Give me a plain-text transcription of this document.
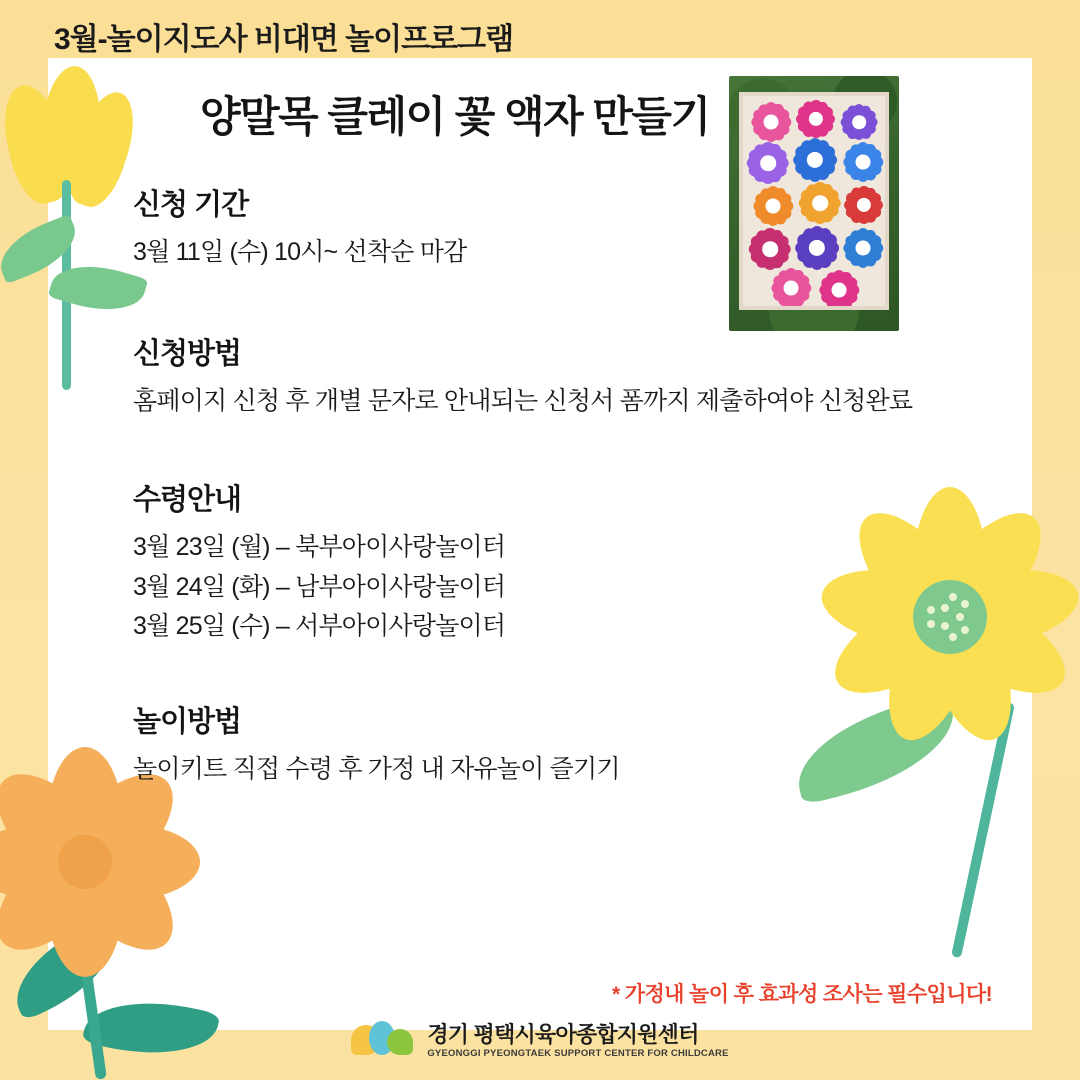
3월-놀이지도사 비대면 놀이프로그램
양말목 클레이 꽃 액자 만들기
신청 기간
3월 11일 (수) 10시~ 선착순 마감
신청방법
홈페이지 신청 후 개별 문자로 안내되는 신청서 폼까지 제출하여야 신청완료
수령안내
3월 23일 (월) – 북부아이사랑놀이터
3월 24일 (화) – 남부아이사랑놀이터
3월 25일 (수) – 서부아이사랑놀이터
놀이방법
놀이키트 직접 수령 후 가정 내 자유놀이 즐기기
* 가정내 놀이 후 효과성 조사는 필수입니다!
경기 평택시육아종합지원센터
GYEONGGI PYEONGTAEK SUPPORT CENTER FOR CHILDCARE
